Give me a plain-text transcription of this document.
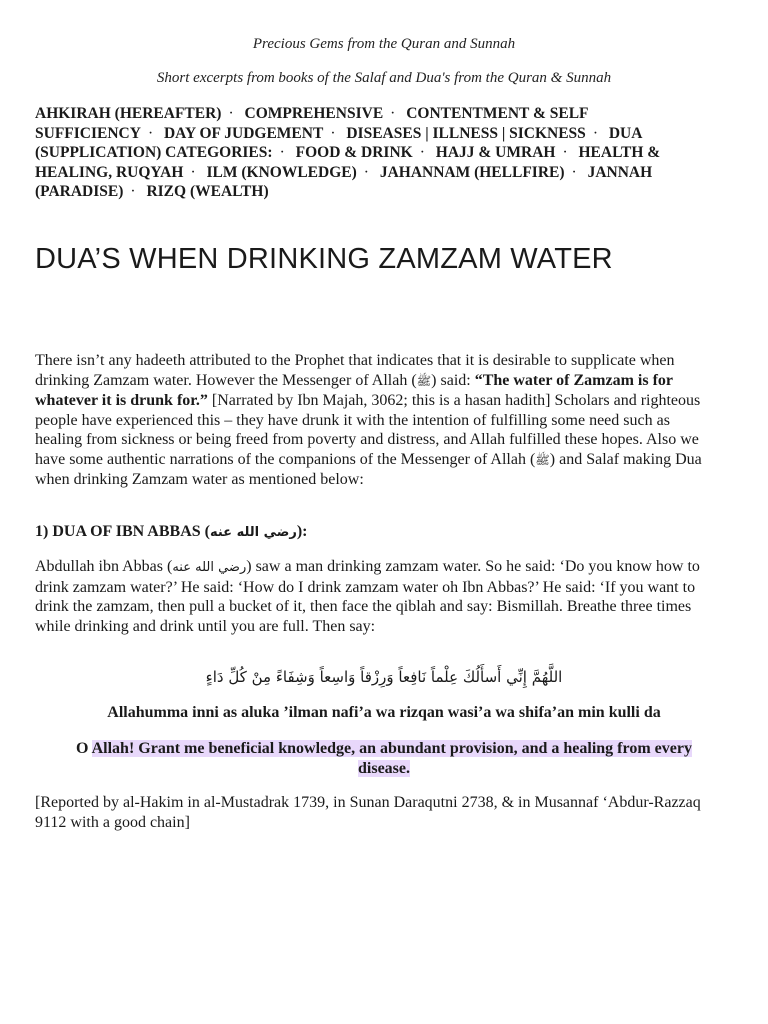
Precious Gems from the Quran and Sunnah
Short excerpts from books of the Salaf and Dua's from the Quran & Sunnah
AHKIRAH (HEREAFTER) · COMPREHENSIVE · CONTENTMENT & SELF SUFFICIENCY · DAY OF JUDGEMENT · DISEASES | ILLNESS | SICKNESS · DUA (SUPPLICATION) CATEGORIES: · FOOD & DRINK · HAJJ & UMRAH · HEALTH & HEALING, RUQYAH · ILM (KNOWLEDGE) · JAHANNAM (HELLFIRE) · JANNAH (PARADISE) · RIZQ (WEALTH)
DUA’S WHEN DRINKING ZAMZAM WATER

There isn’t any hadeeth attributed to the Prophet that indicates that it is desirable to supplicate when drinking Zamzam water. However the Messenger of Allah (ﷺ) said: “The water of Zamzam is for whatever it is drunk for.” [Narrated by Ibn Majah, 3062; this is a hasan hadith] Scholars and righteous people have experienced this – they have drunk it with the intention of fulfilling some need such as healing from sickness or being freed from poverty and distress, and Allah fulfilled these hopes. Also we have some authentic narrations of the companions of the Messenger of Allah (ﷺ) and Salaf making Dua when drinking Zamzam water as mentioned below:

1) DUA OF IBN ABBAS (رضي الله عنه):

Abdullah ibn Abbas (رضي الله عنه) saw a man drinking zamzam water. So he said: ‘Do you know how to drink zamzam water?’ He said: ‘How do I drink zamzam water oh Ibn Abbas?’ He said: ‘If you want to drink the zamzam, then pull a bucket of it, then face the qiblah and say: Bismillah. Breathe three times while drinking and drink until you are full. Then say:

اللَّهُمَّ إِنِّي أَسأَلُكَ عِلْماً نَافِعاً وَرِزْقاً وَاسِعاً وَشِفَاءً مِنْ كُلِّ دَاءٍ
Allahumma inni as aluka ’ilman nafi’a wa rizqan wasi’a wa shifa’an min kulli da
O Allah! Grant me beneficial knowledge, an abundant provision, and a healing from every disease.

[Reported by al-Hakim in al-Mustadrak 1739, in Sunan Daraqutni 2738, & in Musannaf ‘Abdur-Razzaq 9112 with a good chain]
